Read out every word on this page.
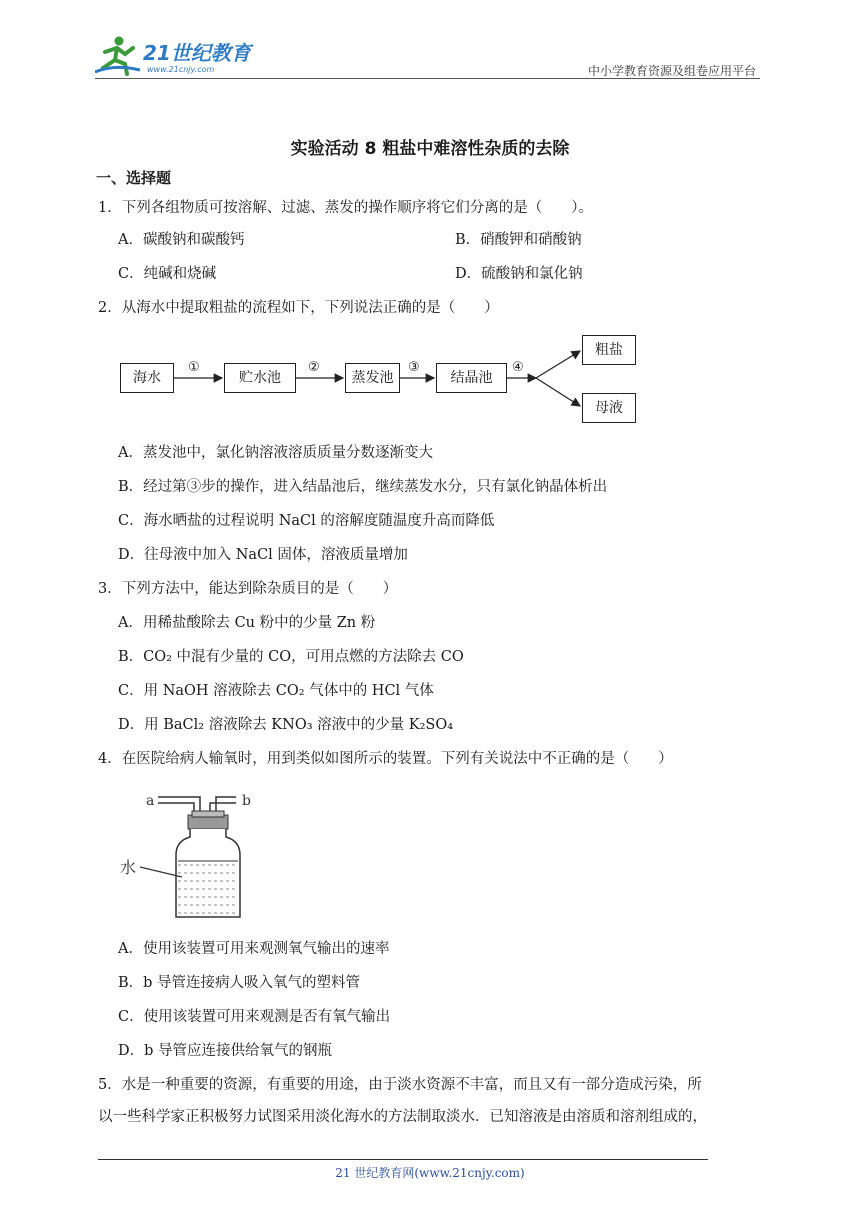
21世纪教育
www.21cnjy.com	中小学教育资源及组卷应用平台
实验活动 8 粗盐中难溶性杂质的去除
一、选择题
1．下列各组物质可按溶解、过滤、蒸发的操作顺序将它们分离的是（　　）。
A．碳酸钠和碳酸钙	B．硝酸钾和硝酸钠
C．纯碱和烧碱	D．硫酸钠和氯化钠
2．从海水中提取粗盐的流程如下，下列说法正确的是（　　）
海水
①
贮水池
②
蒸发池
③
结晶池
④
粗盐
母液
A．蒸发池中，氯化钠溶液溶质质量分数逐渐变大
B．经过第③步的操作，进入结晶池后，继续蒸发水分，只有氯化钠晶体析出
C．海水晒盐的过程说明 NaCl 的溶解度随温度升高而降低
D．往母液中加入 NaCl 固体，溶液质量增加
3．下列方法中，能达到除杂质目的是（　　）
A．用稀盐酸除去 Cu 粉中的少量 Zn 粉
B．CO₂ 中混有少量的 CO，可用点燃的方法除去 CO
C．用 NaOH 溶液除去 CO₂ 气体中的 HCl 气体
D．用 BaCl₂ 溶液除去 KNO₃ 溶液中的少量 K₂SO₄
4．在医院给病人输氧时，用到类似如图所示的装置。下列有关说法中不正确的是（　　）
a	b
水
A．使用该装置可用来观测氧气输出的速率
B．b 导管连接病人吸入氧气的塑料管
C．使用该装置可用来观测是否有氧气输出
D．b 导管应连接供给氧气的钢瓶
5．水是一种重要的资源，有重要的用途，由于淡水资源不丰富，而且又有一部分造成污染，所
以一些科学家正积极努力试图采用淡化海水的方法制取淡水．已知溶液是由溶质和溶剂组成的，
21 世纪教育网(www.21cnjy.com)
